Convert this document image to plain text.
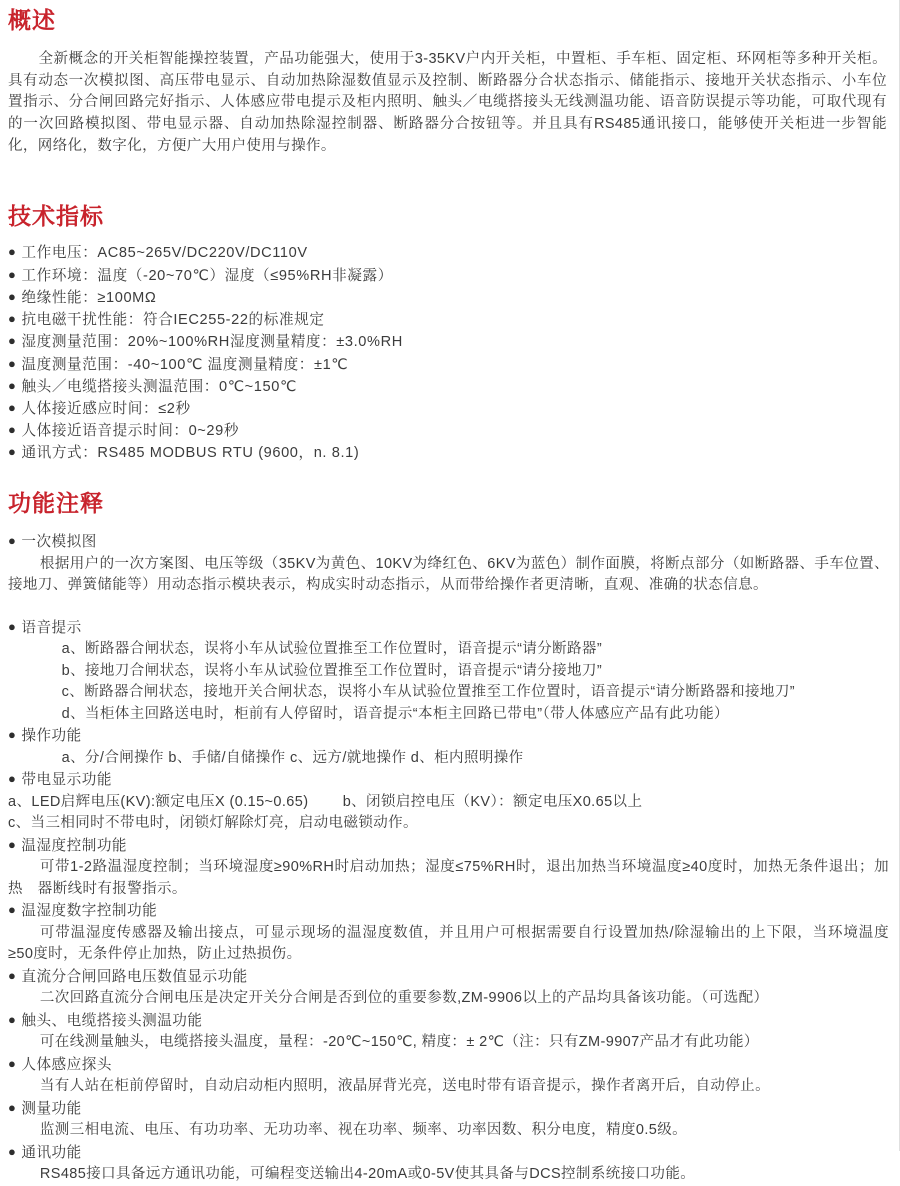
概述

全新概念的开关柜智能操控装置，产品功能强大，使用于3-35KV户内开关柜，中置柜、手车柜、固定柜、环网柜等多种开关柜。具有动态一次模拟图、高压带电显示、自动加热除湿数值显示及控制、断路器分合状态指示、储能指示、接地开关状态指示、小车位置指示、分合闸回路完好指示、人体感应带电提示及柜内照明、触头／电缆搭接头无线测温功能、语音防误提示等功能，可取代现有的一次回路模拟图、带电显示器、自动加热除湿控制器、断路器分合按钮等。并且具有RS485通讯接口，能够使开关柜进一步智能化，网络化，数字化，方便广大用户使用与操作。

技术指标
● 工作电压：AC85~265V/DC220V/DC110V
● 工作环境：温度（-20~70℃）湿度（≤95%RH非凝露）
● 绝缘性能：≥100MΩ
● 抗电磁干扰性能：符合IEC255-22的标准规定
● 湿度测量范围：20%~100%RH湿度测量精度：±3.0%RH
● 温度测量范围：-40~100℃ 温度测量精度：±1℃
● 触头／电缆搭接头测温范围：0℃~150℃
● 人体接近感应时间：≤2秒
● 人体接近语音提示时间：0~29秒
● 通讯方式：RS485 MODBUS RTU (9600，n. 8.1)
功能注释
● 一次模拟图

根据用户的一次方案图、电压等级（35KV为黄色、10KV为绛红色、6KV为蓝色）制作面膜，将断点部分（如断路器、手车位置、接地刀、弹簧储能等）用动态指示模块表示，构成实时动态指示，从而带给操作者更清晰，直观、准确的状态信息。

● 语音提示

a、断路器合闸状态，误将小车从试验位置推至工作位置时，语音提示“请分断路器”

b、接地刀合闸状态，误将小车从试验位置推至工作位置时，语音提示“请分接地刀”

c、断路器合闸状态，接地开关合闸状态，误将小车从试验位置推至工作位置时，语音提示“请分断路器和接地刀”

d、当柜体主回路送电时，柜前有人停留时，语音提示“本柜主回路已带电”（带人体感应产品有此功能）

● 操作功能

a、分/合闸操作 b、手储/自储操作 c、远方/就地操作 d、柜内照明操作

● 带电显示功能

a、LED启辉电压(KV):额定电压X (0.15~0.65)　　 b、闭锁启控电压（KV）：额定电压X0.65以上

c、当三相同时不带电时，闭锁灯解除灯亮，启动电磁锁动作。

● 温湿度控制功能

可带1-2路温湿度控制；当环境湿度≥90%RH时启动加热；湿度≤75%RH时，退出加热当环境温度≥40度时，加热无条件退出；加热　器断线时有报警指示。

● 温湿度数字控制功能

可带温湿度传感器及输出接点，可显示现场的温湿度数值，并且用户可根据需要自行设置加热/除湿输出的上下限，当环境温度≥50度时，无条件停止加热，防止过热损伤。

● 直流分合闸回路电压数值显示功能

二次回路直流分合闸电压是决定开关分合闸是否到位的重要参数,ZM-9906以上的产品均具备该功能。（可选配）

● 触头、电缆搭接头测温功能

可在线测量触头，电缆搭接头温度，量程：-20℃~150℃, 精度：± 2℃（注：只有ZM-9907产品才有此功能）

● 人体感应探头

当有人站在柜前停留时，自动启动柜内照明，液晶屏背光亮，送电时带有语音提示，操作者离开后，自动停止。

● 测量功能

监测三相电流、电压、有功功率、无功功率、视在功率、频率、功率因数、积分电度，精度0.5级。

● 通讯功能

RS485接口具备远方通讯功能，可编程变送输出4-20mA或0-5V使其具备与DCS控制系统接口功能。
